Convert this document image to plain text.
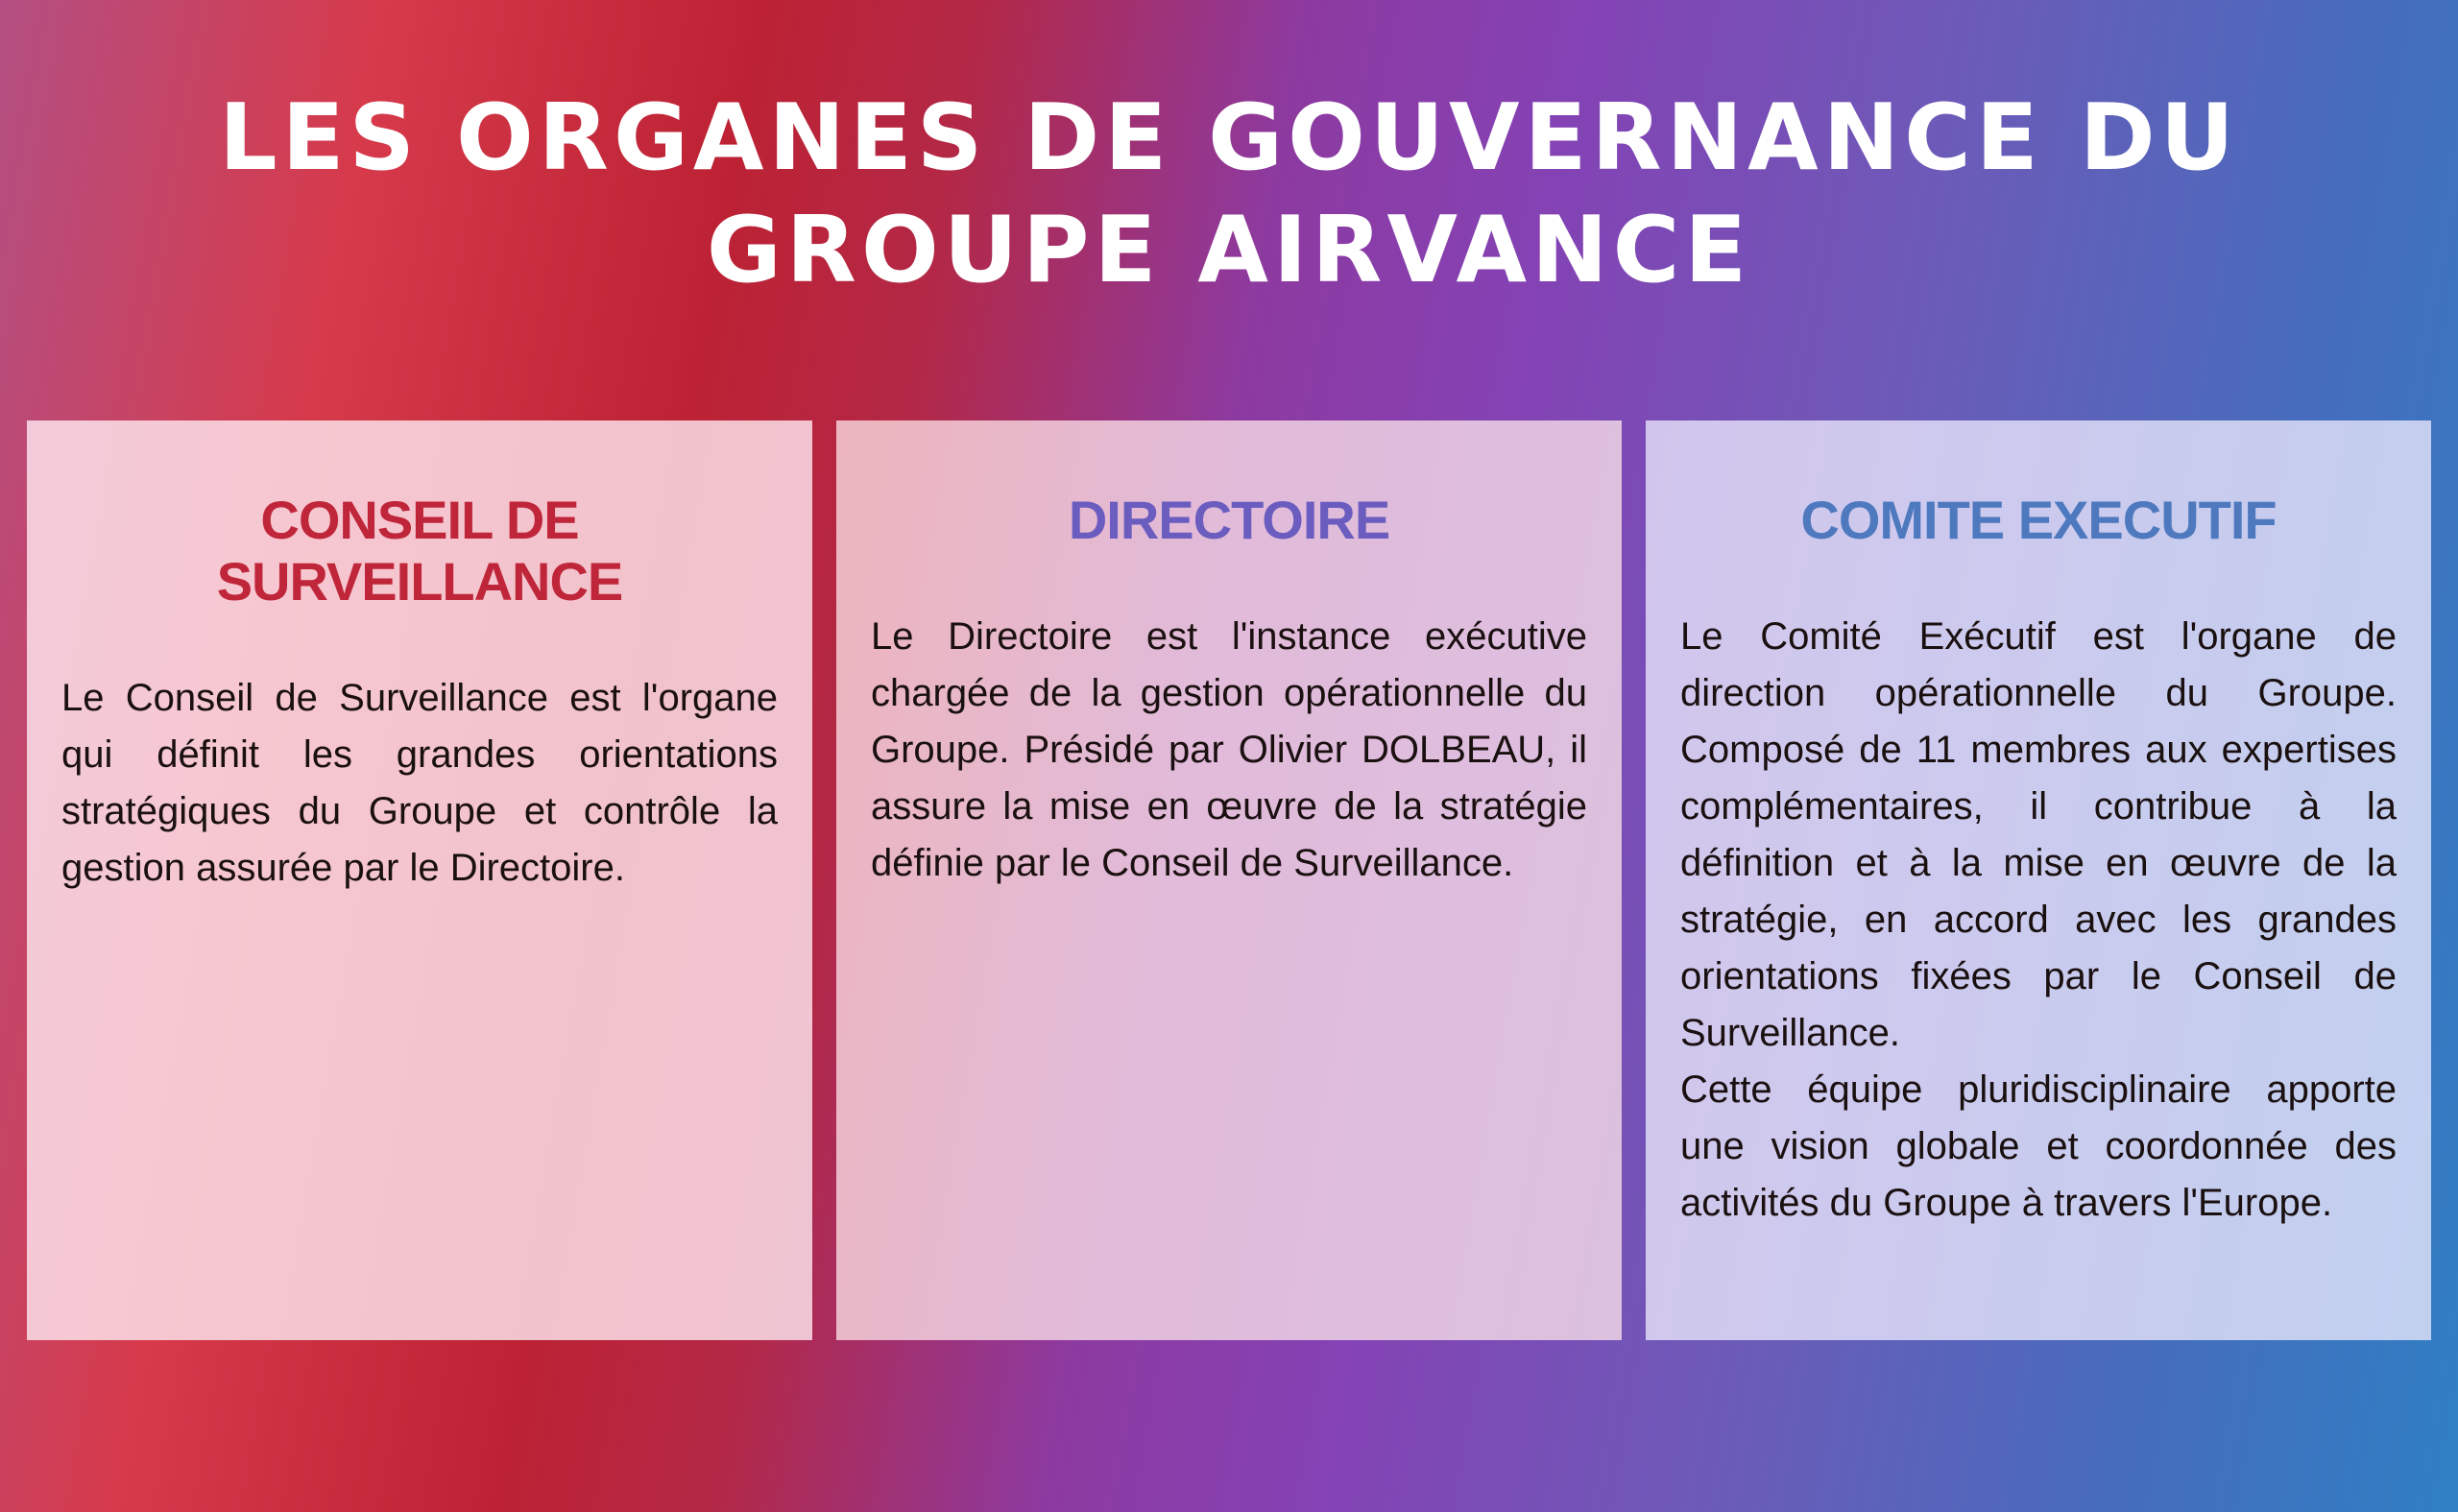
LES ORGANES DE GOUVERNANCE DU
GROUPE AIRVANCE
CONSEIL DE SURVEILLANCE

Le Conseil de Surveillance est l'organe qui définit les grandes orientations stratégiques du Groupe et contrôle la gestion assurée par le Directoire.

DIRECTOIRE

Le Directoire est l'instance exécutive chargée de la gestion opérationnelle du Groupe. Présidé par Olivier DOLBEAU, il assure la mise en œuvre de la stratégie définie par le Conseil de Surveillance.

COMITE EXECUTIF

Le Comité Exécutif est l'organe de direction opérationnelle du Groupe. Composé de 11 membres aux expertises complémentaires, il contribue à la définition et à la mise en œuvre de la stratégie, en accord avec les grandes orientations fixées par le Conseil de Surveillance.

Cette équipe pluridisciplinaire apporte une vision globale et coordonnée des activités du Groupe à travers l'Europe.
